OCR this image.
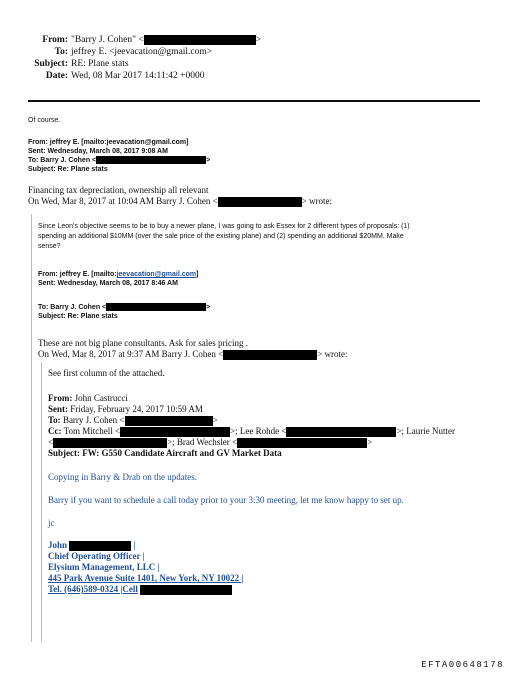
From: "Barry J. Cohen" <	>
To: jeffrey E. <jeevacation@gmail.com>
Subject: RE: Plane stats
Date: Wed, 08 Mar 2017 14:11:42 +0000
Of course.
From: jeffrey E. [mailto:jeevacation@gmail.com]
Sent: Wednesday, March 08, 2017 9:08 AM
To: Barry J. Cohen <	>
Subject: Re: Plane stats
Financing tax depreciation, ownership all relevant
On Wed, Mar 8, 2017 at 10:04 AM Barry J. Cohen <	> wrote:
Since Leon's objective seems to be to buy a newer plane, I was going to ask Essex for 2 different types of proposals: (1)
spending an additional $10MM (over the sale price of the existing plane) and (2) spending an additional $20MM. Make
sense?
From: jeffrey E. [mailto:jeevacation@gmail.com]
Sent: Wednesday, March 08, 2017 8:46 AM
To: Barry J. Cohen <	>
Subject: Re: Plane stats
These are not big plane consultants. Ask for sales pricing .
On Wed, Mar 8, 2017 at 9:37 AM Barry J. Cohen <	> wrote:
See first column of the attached.
From: John Castrucci
Sent: Friday, February 24, 2017 10:59 AM
To: Barry J. Cohen <	>
Cc: Tom Mitchell <	>; Lee Rohde <	>; Laurie Nutter
<	>; Brad Wechsler <	>
Subject: FW: G550 Candidate Aircraft and GV Market Data
Copying in Barry & Drab on the updates.
Barry if you want to schedule a call today prior to your 3:30 meeting, let me know happy to set up.
jc
John	|
Chief Operating Officer |
Elysium Management, LLC |
445 Park Avenue Suite 1401, New York, NY 10022 |
Tel. (646)589-0324 |Cell
EFTA00648178
